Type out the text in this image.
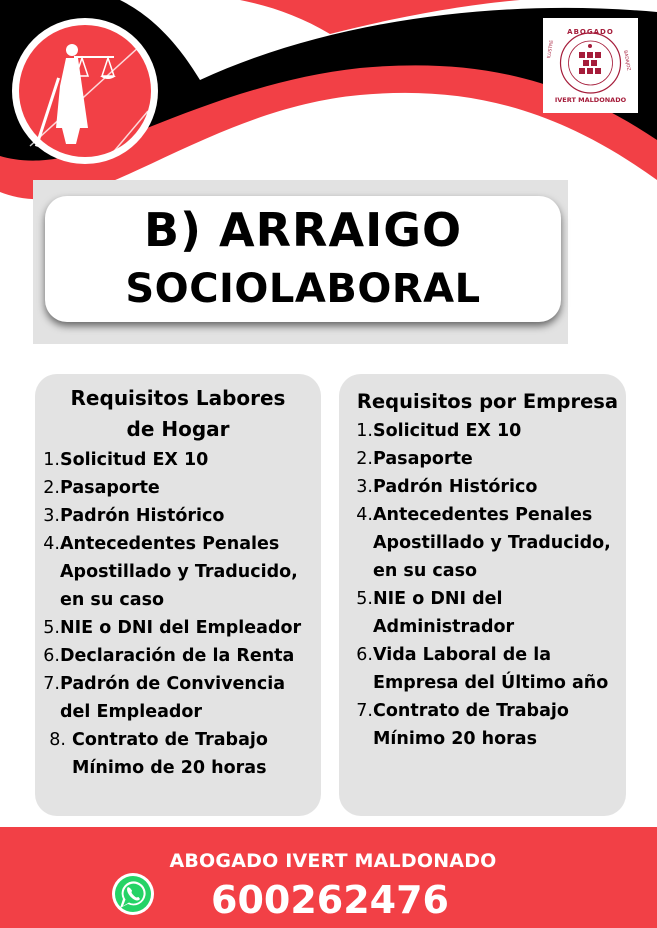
ABOGADO
ILUSTRE
BADAJOZ
IVERT MALDONADO
B) ARRAIGO
SOCIOLABORAL
Requisitos Labores
de Hogar
1. Solicitud EX 10
2. Pasaporte
3. Padrón Histórico
4. Antecedentes Penales
Apostillado y Traducido,
en su caso
5. NIE o DNI del Empleador
6. Declaración de la Renta
7. Padrón de Convivencia
del Empleador
8. Contrato de Trabajo
Mínimo de 20 horas
Requisitos por Empresa
1. Solicitud EX 10
2. Pasaporte
3. Padrón Histórico
4. Antecedentes Penales
Apostillado y Traducido,
en su caso
5. NIE o DNI del
Administrador
6. Vida Laboral de la
Empresa del Último año
7. Contrato de Trabajo
Mínimo 20 horas
ABOGADO IVERT MALDONADO
600262476
